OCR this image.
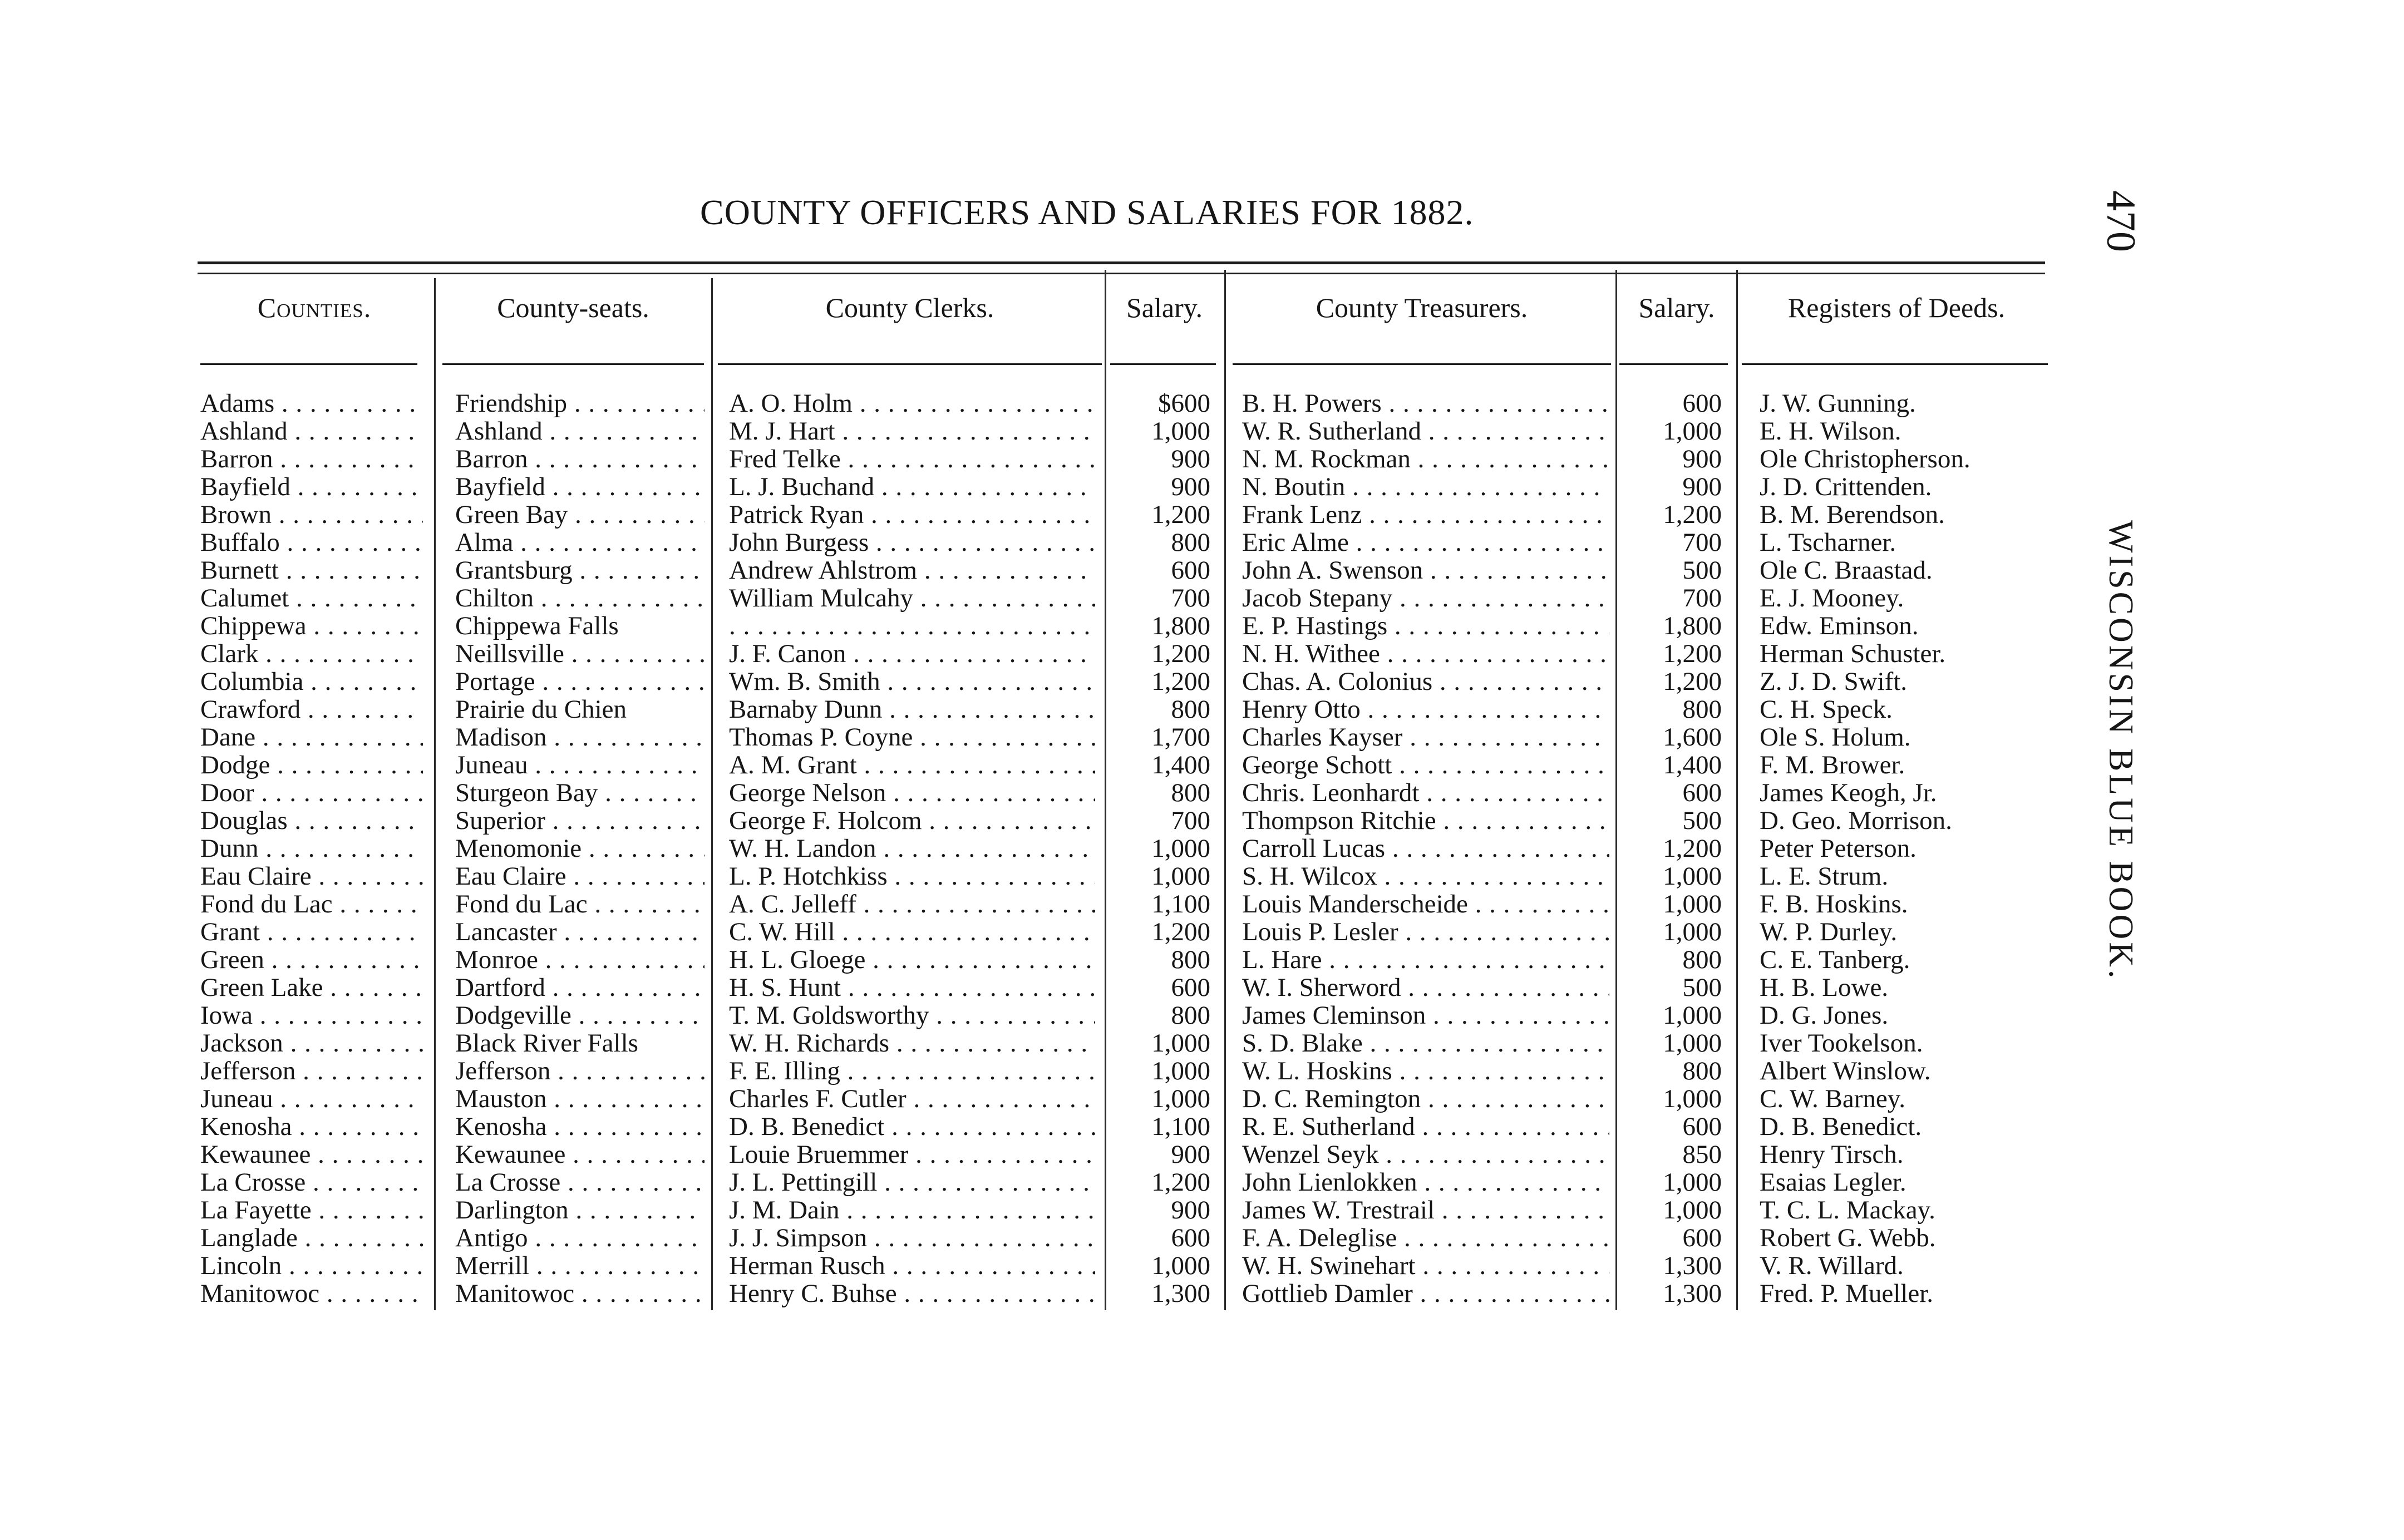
COUNTY OFFICERS AND SALARIES FOR 1882.	470
WISCONSIN BLUE BOOK.
Counties.	County-seats.	County Clerks.	Salary.	County Treasurers.	Salary.	Registers of Deeds.
Adams . . .	Friendship . . .	A. O. Holm . . .	$600 B. H. Powers . . .	600 J. W. Gunning.
Ashland . . .	Ashland . . .	M. J. Hart . . .	1,000 W. R. Sutherland . . .	1,000 E. H. Wilson.
Barron . . .	Barron . . .	Fred Telke . . .	900 N. M. Rockman . . .	900 Ole Christopherson.
Bayfield . . .	Bayfield . . .	L. J. Buchand . . .	900 N. Boutin . . .	900 J. D. Crittenden.
Brown . . .	Green Bay . . .	Patrick Ryan . . .	1,200 Frank Lenz . . .	1,200 B. M. Berendson.
Buffalo . . .	Alma . . .	John Burgess . . .	800 Eric Alme . . .	700 L. Tscharner.
Burnett . . .	Grantsburg . . .	Andrew Ahlstrom . . .	600 John A. Swenson . . .	500 Ole C. Braastad.
Calumet . . .	Chilton . . .	William Mulcahy . . .	700 Jacob Stepany . . .	700 E. J. Mooney.
Chippewa . . .	Chippewa Falls
. . .	1,800 E. P. Hastings . . .	1,800 Edw. Eminson.
Clark . . .	Neillsville . . .	J. F. Canon . . .	1,200 N. H. Withee . . .	1,200 Herman Schuster.
Columbia . . .	Portage . . .	Wm. B. Smith . . .	1,200 Chas. A. Colonius . . .	1,200 Z. J. D. Swift.
Crawford . . .	Prairie du Chien	Barnaby Dunn . . .	800 Henry Otto . . .	800 C. H. Speck.
Dane . . .	Madison . . .	Thomas P. Coyne . . .	1,700 Charles Kayser . . .	1,600 Ole S. Holum.
Dodge . . .	Juneau . . .	A. M. Grant . . .	1,400 George Schott . . .	1,400 F. M. Brower.
Door . . .	Sturgeon Bay . . .	George Nelson . . .	800 Chris. Leonhardt . . .	600 James Keogh, Jr.
Douglas . . .	Superior . . .	George F. Holcom . . .	700 Thompson Ritchie . . .	500 D. Geo. Morrison.
Dunn . . .	Menomonie . . .	W. H. Landon . . .	1,000 Carroll Lucas . . .	1,200 Peter Peterson.
Eau Claire . . .	Eau Claire . . .	L. P. Hotchkiss . . .	1,000 S. H. Wilcox . . .	1,000 L. E. Strum.
Fond du Lac . . .	Fond du Lac . . .	A. C. Jelleff . . .	1,100 Louis Manderscheide . . .	1,000 F. B. Hoskins.
Grant . . .	Lancaster . . .	C. W. Hill . . .	1,200 Louis P. Lesler . . .	1,000 W. P. Durley.
Green . . .	Monroe . . .	H. L. Gloege . . .	800 L. Hare . . .	800 C. E. Tanberg.
Green Lake . . .	Dartford . . .	H. S. Hunt . . .	600 W. I. Sherword . . .	500 H. B. Lowe.
Iowa . . .	Dodgeville . . .	T. M. Goldsworthy . . .	800 James Cleminson . . .	1,000 D. G. Jones.
Jackson . . .	Black River Falls	W. H. Richards . . .	1,000 S. D. Blake . . .	1,000 Iver Tookelson.
Jefferson . . .	Jefferson . . .	F. E. Illing . . .	1,000 W. L. Hoskins . . .	800 Albert Winslow.
Juneau . . .	Mauston . . .	Charles F. Cutler . . .	1,000 D. C. Remington . . .	1,000 C. W. Barney.
Kenosha . . .	Kenosha . . .	D. B. Benedict . . .	1,100 R. E. Sutherland . . .	600 D. B. Benedict.
Kewaunee . . .	Kewaunee . . .	Louie Bruemmer . . .	900 Wenzel Seyk . . .	850 Henry Tirsch.
La Crosse . . .	La Crosse . . .	J. L. Pettingill . . .	1,200 John Lienlokken . . .	1,000 Esaias Legler.
La Fayette . . .	Darlington . . .	J. M. Dain . . .	900 James W. Trestrail . . .	1,000 T. C. L. Mackay.
Langlade . . .	Antigo . . .	J. J. Simpson . . .	600 F. A. Deleglise . . .	600 Robert G. Webb.
Lincoln . . .	Merrill . . .	Herman Rusch . . .	1,000 W. H. Swinehart . . .	1,300 V. R. Willard.
Manitowoc . . .	Manitowoc . . .	Henry C. Buhse . . .	1,300 Gottlieb Damler . . .	1,300 Fred. P. Mueller.
